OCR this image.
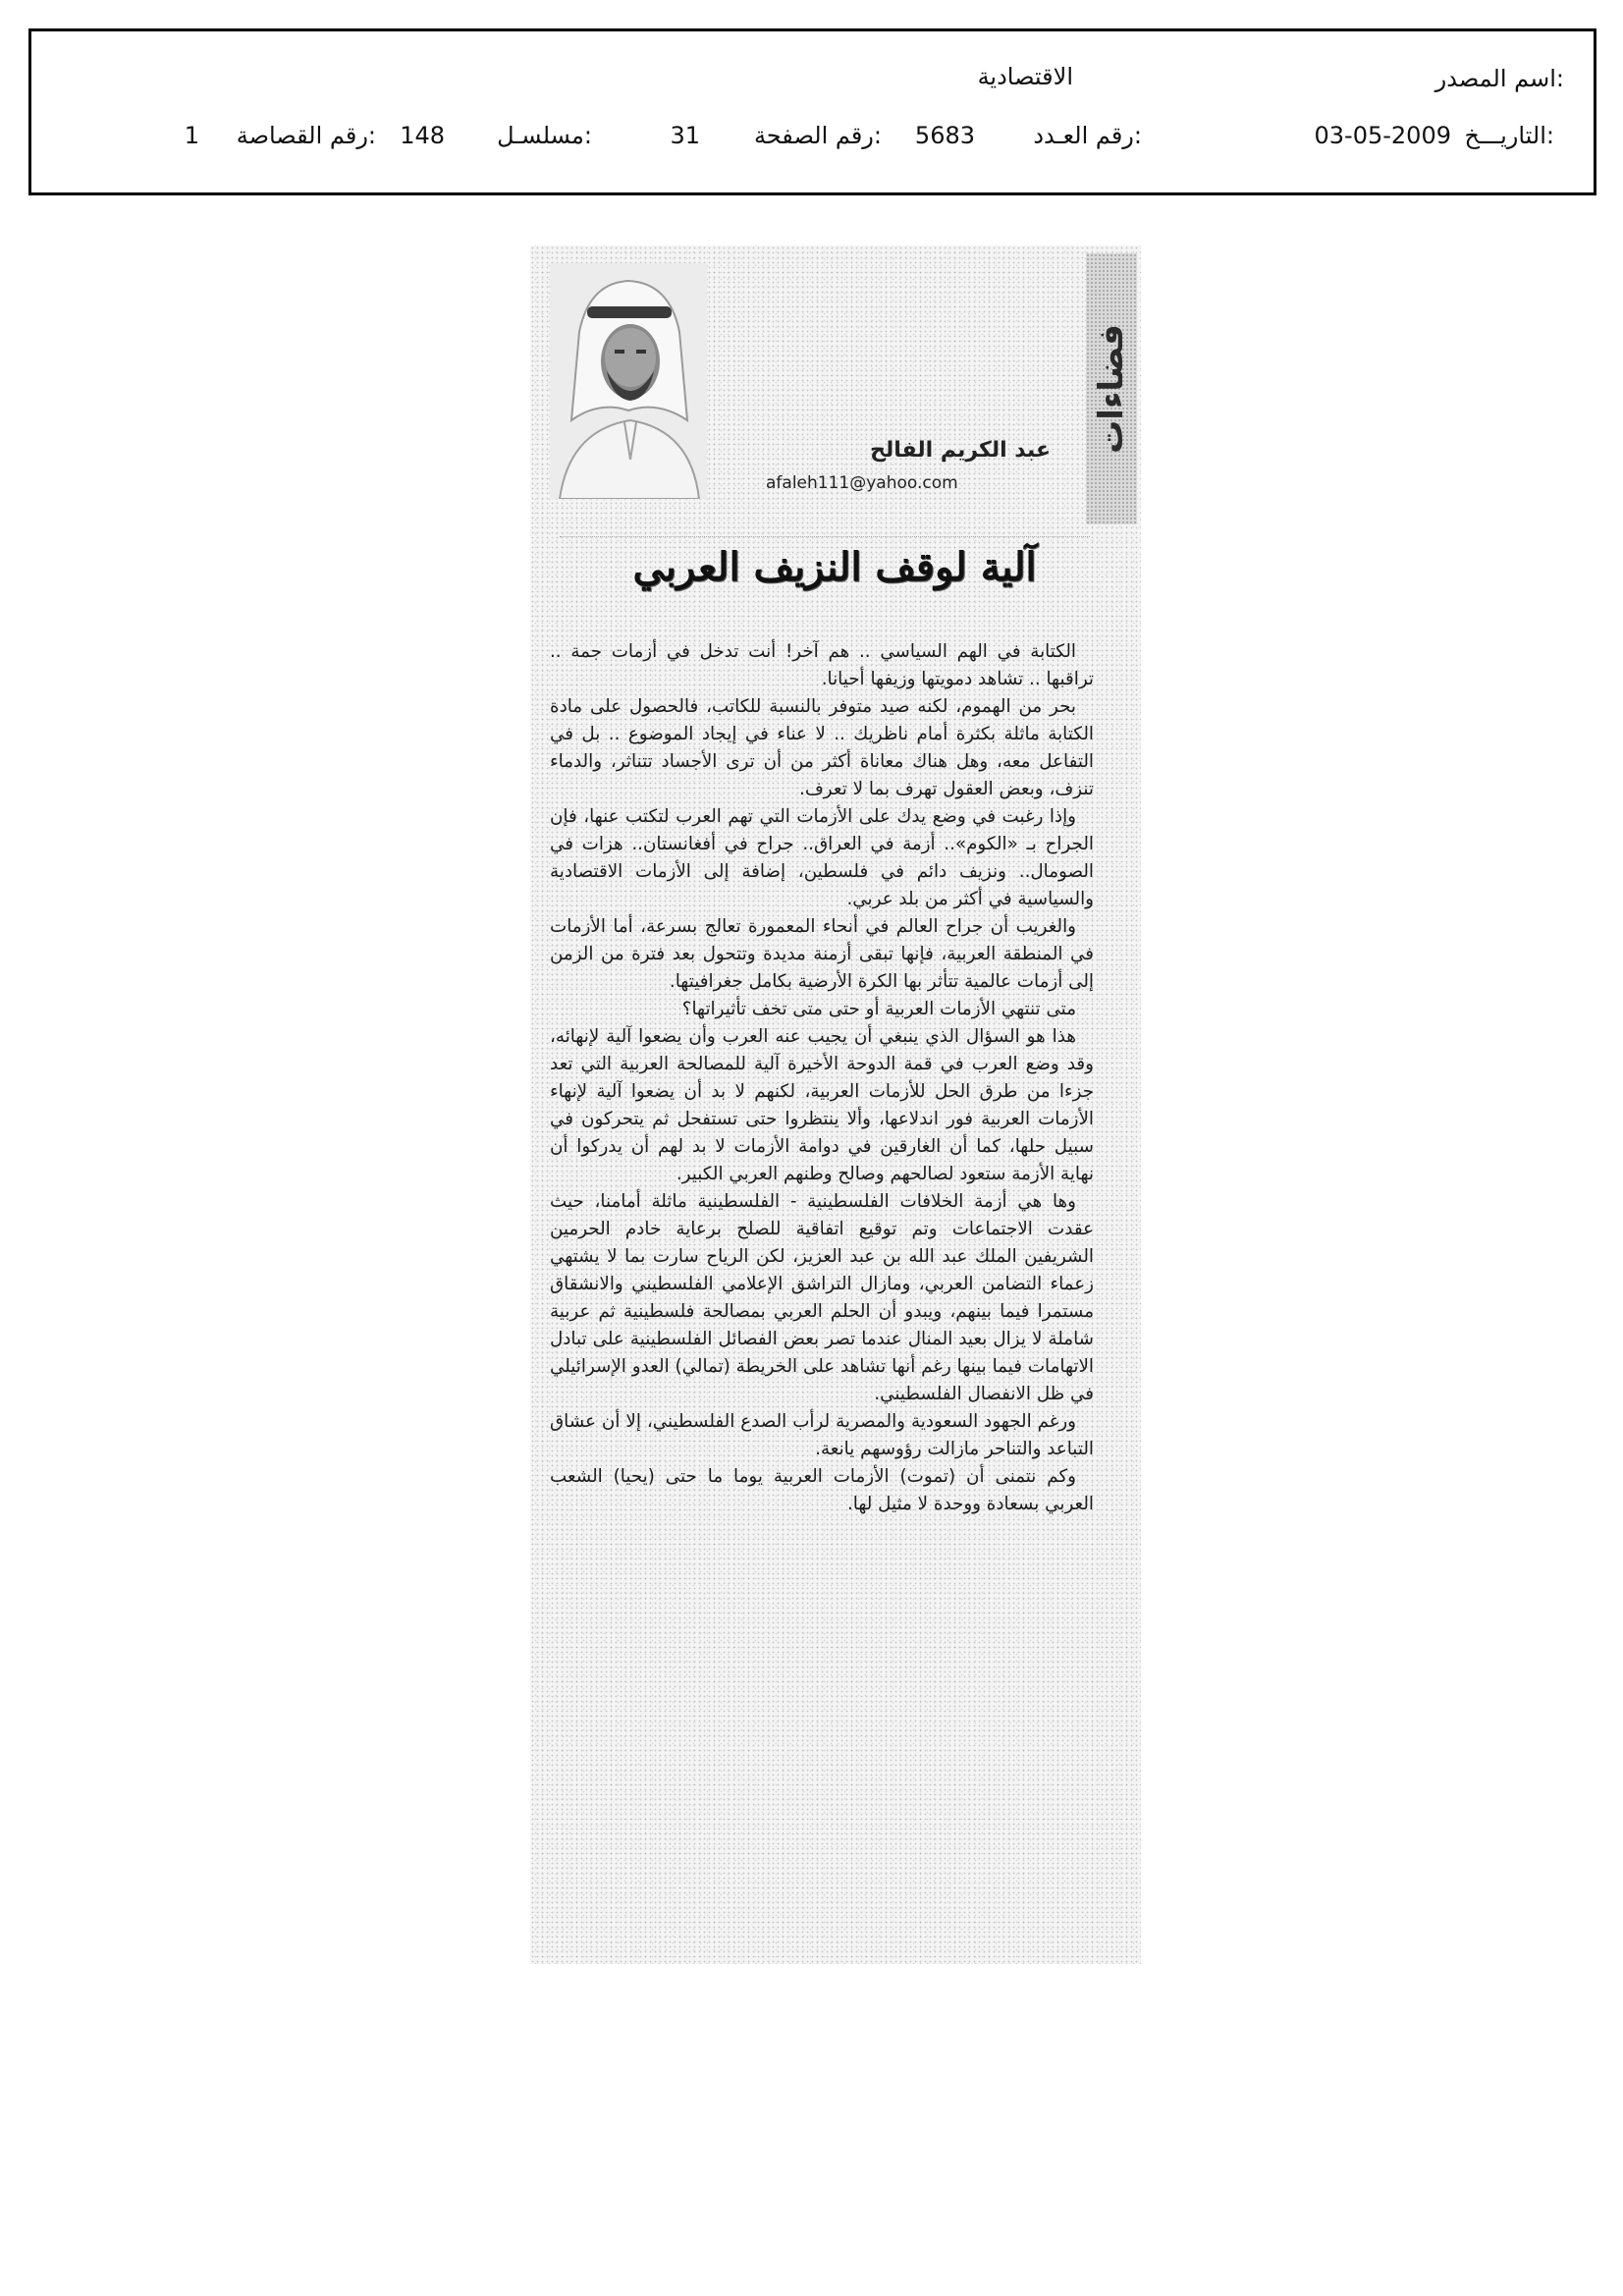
اسم المصدر:
الاقتصادية
التاريـــخ:
03-05-2009
رقم العـدد:
5683
رقم الصفحة:
31
مسلسـل:
148
رقم القصاصة:
1
فضاءات
عبد الكريم الفالح
afaleh111@yahoo.com
آلية لوقف النزيف العربي

الكتابة في الهم السياسي .. هم آخر! أنت تدخل في أزمات جمة .. تراقبها .. تشاهد دمويتها وزيفها أحيانا.

بحر من الهموم، لكنه صيد متوفر بالنسبة للكاتب، فالحصول على مادة الكتابة ماثلة بكثرة أمام ناظريك .. لا عناء في إيجاد الموضوع .. بل في التفاعل معه، وهل هناك معاناة أكثر من أن ترى الأجساد تتناثر، والدماء تنزف، وبعض العقول تهرف بما لا تعرف.

وإذا رغبت في وضع يدك على الأزمات التي تهم العرب لتكتب عنها، فإن الجراح بـ «الكوم».. أزمة في العراق.. جراح في أفغانستان.. هزات في الصومال.. ونزيف دائم في فلسطين، إضافة إلى الأزمات الاقتصادية والسياسية في أكثر من بلد عربي.

والغريب أن جراح العالم في أنحاء المعمورة تعالج بسرعة، أما الأزمات في المنطقة العربية، فإنها تبقى أزمنة مديدة وتتحول بعد فترة من الزمن إلى أزمات عالمية تتأثر بها الكرة الأرضية بكامل جغرافيتها.

متى تنتهي الأزمات العربية أو حتى متى تخف تأثيراتها؟

هذا هو السؤال الذي ينبغي أن يجيب عنه العرب وأن يضعوا آلية لإنهائه، وقد وضع العرب في قمة الدوحة الأخيرة آلية للمصالحة العربية التي تعد جزءا من طرق الحل للأزمات العربية، لكنهم لا بد أن يضعوا آلية لإنهاء الأزمات العربية فور اندلاعها، وألا ينتظروا حتى تستفحل ثم يتحركون في سبيل حلها، كما أن الغارقين في دوامة الأزمات لا بد لهم أن يدركوا أن نهاية الأزمة ستعود لصالحهم وصالح وطنهم العربي الكبير.

وها هي أزمة الخلافات الفلسطينية - الفلسطينية ماثلة أمامنا، حيث عقدت الاجتماعات وتم توقيع اتفاقية للصلح برعاية خادم الحرمين الشريفين الملك عبد الله بن عبد العزيز، لكن الرياح سارت بما لا يشتهي زعماء التضامن العربي، ومازال التراشق الإعلامي الفلسطيني والانشقاق مستمرا فيما بينهم، ويبدو أن الحلم العربي بمصالحة فلسطينية ثم عربية شاملة لا يزال بعيد المنال عندما تصر بعض الفصائل الفلسطينية على تبادل الاتهامات فيما بينها رغم أنها تشاهد على الخريطة (تمالي) العدو الإسرائيلي في ظل الانفصال الفلسطيني.

ورغم الجهود السعودية والمصرية لرأب الصدع الفلسطيني، إلا أن عشاق التباعد والتناحر مازالت رؤوسهم يانعة.

وكم نتمنى أن (تموت) الأزمات العربية يوما ما حتى (يحيا) الشعب العربي بسعادة ووحدة لا مثيل لها.
